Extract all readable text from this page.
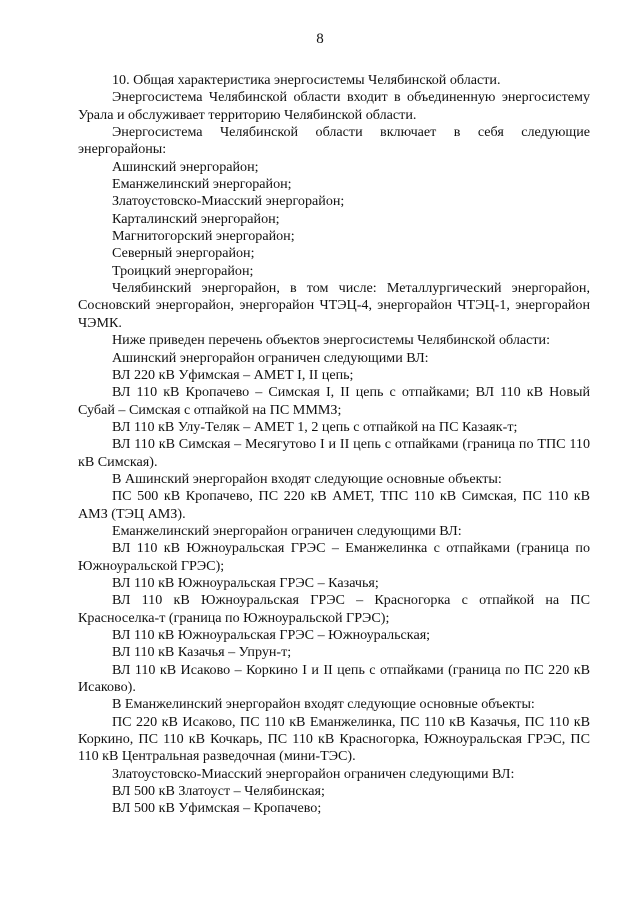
8

10. Общая характеристика энергосистемы Челябинской области.

Энергосистема Челябинской области входит в объединенную энергосистему Урала и обслуживает территорию Челябинской области.

Энергосистема Челябинской области включает в себя следующие энергорайоны:

Ашинский энергорайон;

Еманжелинский энергорайон;

Златоустовско-Миасский энергорайон;

Карталинский энергорайон;

Магнитогорский энергорайон;

Северный энергорайон;

Троицкий энергорайон;

Челябинский энергорайон, в том числе: Металлургический энергорайон, Сосновский энергорайон, энергорайон ЧТЭЦ-4, энергорайон ЧТЭЦ-1, энергорайон ЧЭМК.

Ниже приведен перечень объектов энергосистемы Челябинской области:

Ашинский энергорайон ограничен следующими ВЛ:

ВЛ 220 кВ Уфимская – АМЕТ I, II цепь;

ВЛ 110 кВ Кропачево – Симская I, II цепь с отпайками; ВЛ 110 кВ Новый Субай – Симская с отпайкой на ПС МММЗ;

ВЛ 110 кВ Улу-Теляк – АМЕТ 1, 2 цепь с отпайкой на ПС Казаяк-т;

ВЛ 110 кВ Симская – Месягутово I и II цепь с отпайками (граница по ТПС 110 кВ Симская).

В Ашинский энергорайон входят следующие основные объекты:

ПС 500 кВ Кропачево, ПС 220 кВ АМЕТ, ТПС 110 кВ Симская, ПС 110 кВ АМЗ (ТЭЦ АМЗ).

Еманжелинский энергорайон ограничен следующими ВЛ:

ВЛ 110 кВ Южноуральская ГРЭС – Еманжелинка с отпайками (граница по Южноуральской ГРЭС);

ВЛ 110 кВ Южноуральская ГРЭС – Казачья;

ВЛ 110 кВ Южноуральская ГРЭС – Красногорка с отпайкой на ПС Красноселка-т (граница по Южноуральской ГРЭС);

ВЛ 110 кВ Южноуральская ГРЭС – Южноуральская;

ВЛ 110 кВ Казачья – Упрун-т;

ВЛ 110 кВ Исаково – Коркино I и II цепь с отпайками (граница по ПС 220 кВ Исаково).

В Еманжелинский энергорайон входят следующие основные объекты:

ПС 220 кВ Исаково, ПС 110 кВ Еманжелинка, ПС 110 кВ Казачья, ПС 110 кВ Коркино, ПС 110 кВ Кочкарь, ПС 110 кВ Красногорка, Южноуральская ГРЭС, ПС 110 кВ Центральная разведочная (мини-ТЭС).

Златоустовско-Миасский энергорайон ограничен следующими ВЛ:

ВЛ 500 кВ Златоуст – Челябинская;

ВЛ 500 кВ Уфимская – Кропачево;
